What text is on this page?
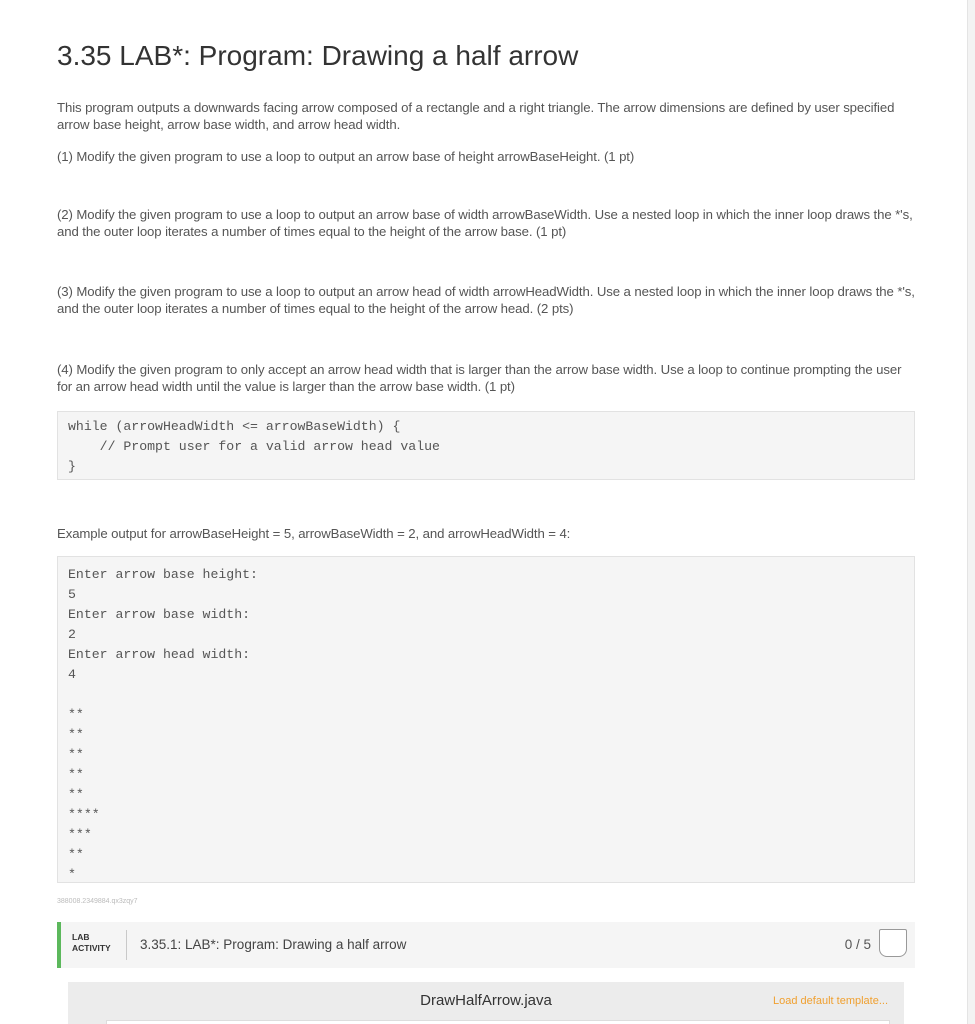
3.35 LAB*: Program: Drawing a half arrow

This program outputs a downwards facing arrow composed of a rectangle and a right triangle. The arrow dimensions are defined by user specified arrow base height, arrow base width, and arrow head width.

(1) Modify the given program to use a loop to output an arrow base of height arrowBaseHeight. (1 pt)

(2) Modify the given program to use a loop to output an arrow base of width arrowBaseWidth. Use a nested loop in which the inner loop draws the *'s, and the outer loop iterates a number of times equal to the height of the arrow base. (1 pt)

(3) Modify the given program to use a loop to output an arrow head of width arrowHeadWidth. Use a nested loop in which the inner loop draws the *'s, and the outer loop iterates a number of times equal to the height of the arrow head. (2 pts)

(4) Modify the given program to only accept an arrow head width that is larger than the arrow base width. Use a loop to continue prompting the user for an arrow head width until the value is larger than the arrow base width. (1 pt)

while (arrowHeadWidth <= arrowBaseWidth) {
// Prompt user for a valid arrow head value
}

Example output for arrowBaseHeight = 5, arrowBaseWidth = 2, and arrowHeadWidth = 4:

Enter arrow base height:
5
Enter arrow base width:
2
Enter arrow head width:
4
**
**
**
**
**
****
***
**
*
388008.2349884.qx3zqy7
LAB
ACTIVITY 3.35.1: LAB*: Program: Drawing a half arrow	0 / 5
DrawHalfArrow.java	Load default template...
